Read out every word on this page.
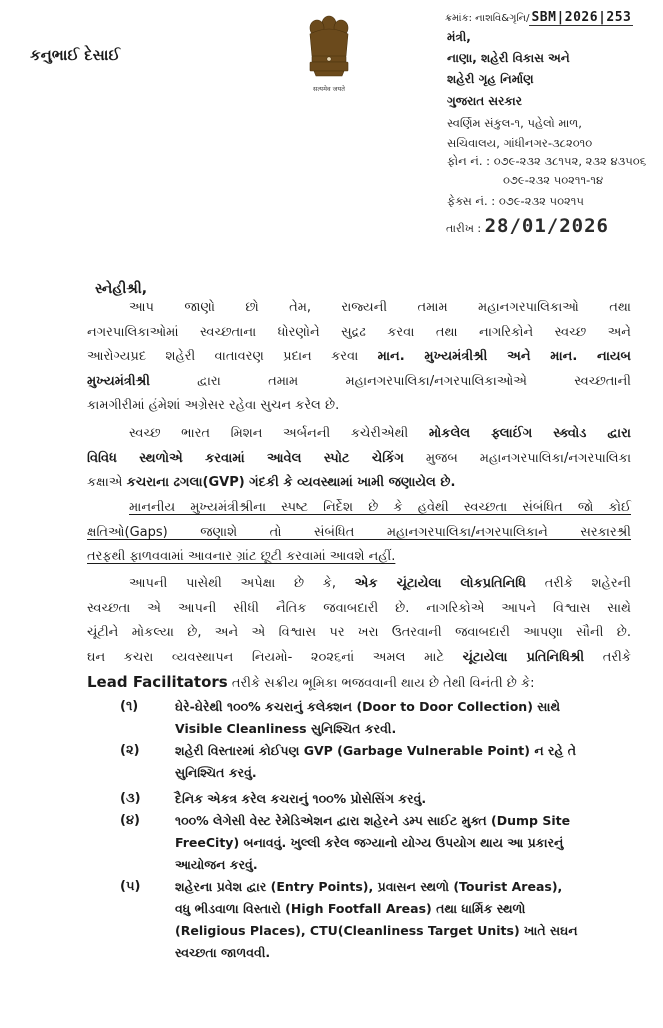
કનુભાઈ દેસાઈ
सत्यमेव जयते
ક્રમાંક: નાશવિ&ગૃનિ/ SBM|2026|253
મંત્રી,
નાણા, શહેરી વિકાસ અને
શહેરી ગૃહ નિર્માણ
ગુજરાત સરકાર
સ્વર્ણિમ સંકુલ-૧, પહેલો માળ,
સચિવાલય, ગાંધીનગર-૩૮૨૦૧૦
ફોન નં. : ૦૭૯-૨૩૨ ૩૮૧૫૨, ૨૩૨ ૪૩૫૦૬
૦૭૯-૨૩૨ ૫૦૨૧૧-૧૪
ફેક્સ નં. : ૦૭૯-૨૩૨ ૫૦૨૧૫
તારીખ : 28/01/2026
સ્નેહીશ્રી,
આપ જાણો છો તેમ, રાજ્યની તમામ મહાનગરપાલિકાઓ તથા
નગરપાલિકાઓમાં સ્વચ્છતાના ધોરણોને સુદ્રઢ કરવા તથા નાગરિકોને સ્વચ્છ અને
આરોગ્યપ્રદ શહેરી વાતાવરણ પ્રદાન કરવા માન. મુખ્યમંત્રીશ્રી અને માન. નાયબ
મુખ્યમંત્રીશ્રી	દ્વારા તમામ મહાનગરપાલિકા/નગરપાલિકાઓએ સ્વચ્છતાની
કામગીરીમાં હંમેશાં અગ્રેસર રહેવા સુચન કરેલ છે.
સ્વચ્છ ભારત મિશન અર્બનની કચેરીએથી મોકલેલ ફ્લાઈંગ સ્ક્વોડ દ્વારા
વિવિધ સ્થળોએ કરવામાં આવેલ સ્પોટ ચેકિંગ મુજબ મહાનગરપાલિકા/નગરપાલિકા
કક્ષાએ કચરાના ઢગલા(GVP) ગંદકી કે વ્યવસ્થામાં ખામી જણાયેલ છે.
માનનીય મુખ્યમંત્રીશ્રીના સ્પષ્ટ નિર્દેશ છે કે હવેથી સ્વચ્છતા સંબંધિત જો કોઈ
ક્ષતિઓ(Gaps) જણાશે તો સંબંધિત મહાનગરપાલિકા/નગરપાલિકાને સરકારશ્રી
તરફથી ફાળવવામાં આવનાર ગ્રાંટ છૂટી કરવામાં આવશે નહીં.
આપની પાસેથી અપેક્ષા છે કે, એક ચૂંટાયેલા લોકપ્રતિનિધિ તરીકે શહેરની
સ્વચ્છતા એ આપની સીધી નૈતિક જવાબદારી છે. નાગરિકોએ આપને વિશ્વાસ સાથે
ચૂંટીને મોકલ્યા છે, અને એ વિશ્વાસ પર ખરા ઉતરવાની જવાબદારી આપણા સૌની છે.
ઘન કચરા વ્યવસ્થાપન નિયમો- ૨૦૨૬નાં અમલ માટે ચૂંટાયેલા પ્રતિનિધિશ્રી તરીકે
Lead Facilitators તરીકે સક્રીય ભૂમિકા ભજવવાની થાય છે તેથી વિનંતી છે કે:
(૧)	ઘેરે-ઘેરેથી ૧૦૦% કચરાનું કલેક્શન (Door to Door Collection) સાથે
Visible Cleanliness સુનિશ્ચિત કરવી.
(૨)	શહેરી વિસ્તારમાં કોઈપણ GVP (Garbage Vulnerable Point) ન રહે તે
સુનિશ્ચિત કરવું.
(૩)	દૈનિક એકત્ર કરેલ કચરાનું ૧૦૦% પ્રોસેસિંગ કરવું.
(૪)	૧૦૦% લેગેસી વેસ્ટ રેમેડિએશન દ્વારા શહેરને ડમ્પ સાઈટ મુક્ત (Dump Site
FreeCity) બનાવવું. ખુલ્લી કરેલ જગ્યાનો યોગ્ય ઉપયોગ થાય આ પ્રકારનું
આયોજન કરવું.
(૫)	શહેરના પ્રવેશ દ્વાર (Entry Points), પ્રવાસન સ્થળો (Tourist Areas),
વધુ ભીડવાળા વિસ્તારો (High Footfall Areas) તથા ધાર્મિક સ્થળો
(Religious Places), CTU(Cleanliness Target Units) ખાતે સઘન
સ્વચ્છતા જાળવવી.
